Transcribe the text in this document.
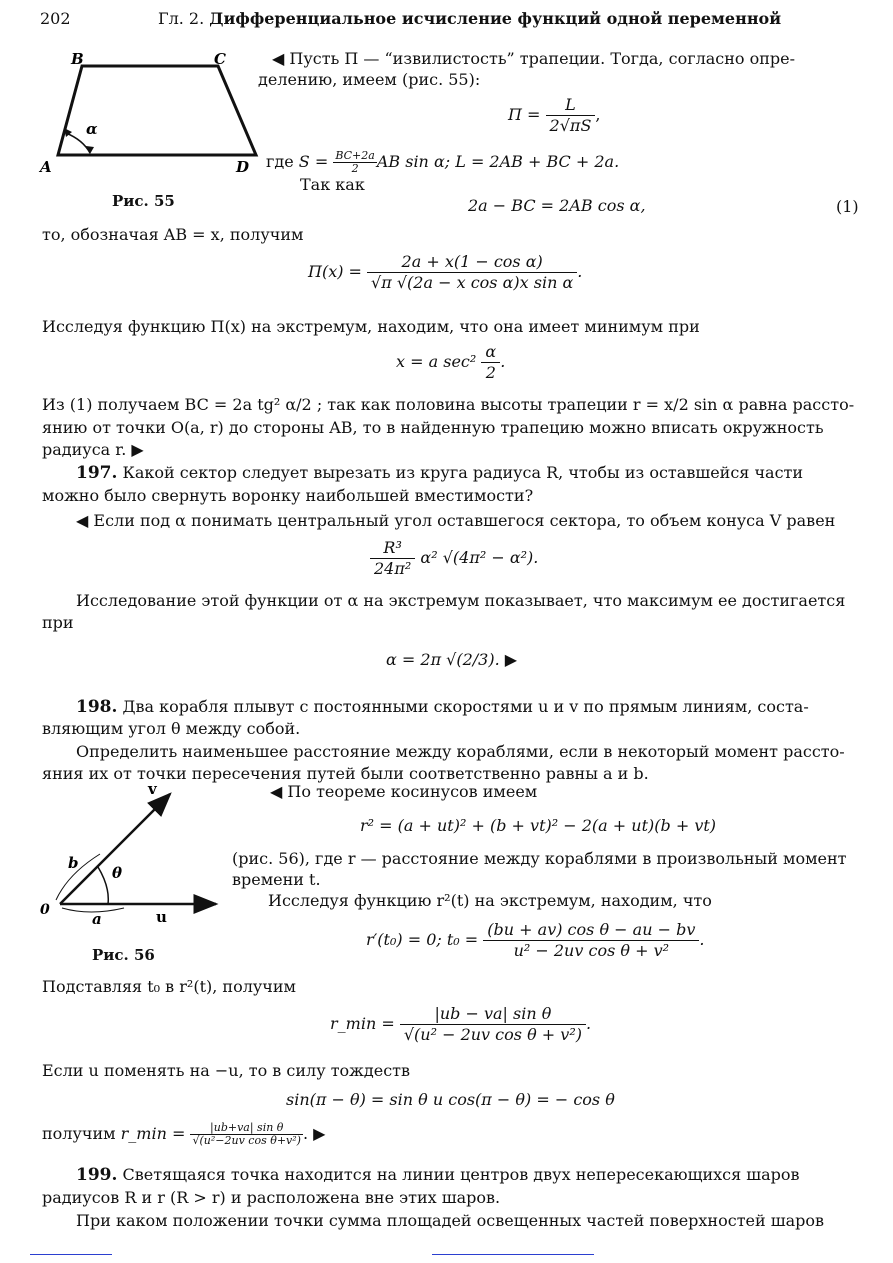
202	Гл. 2. Дифференциальное исчисление функций одной переменной
B	C
A	D
α
Рис. 55
◀ Пусть П — “извилистость” трапеции. Тогда, согласно опре-
делению, имеем (рис. 55):
$П = \frac{L}{2√\pi S}$ ,
где $S = \frac{BC+2a}{2}$ AB sin α; L = 2AB + BC + 2a.
Так как
2a − BC = 2AB cos α,	(1)
то, обозначая AB = x, получим
$П(x) = \frac{\text{2a + x(1 − cos α)}}{\text{√π √(2a − x cos α)x sin α}}$ .
Исследуя функцию П(x) на экстремум, находим, что она имеет минимум при
x = a $\sec^2 \frac{\alpha}{2}$ .
Из (1) получаем BC = 2a tg² α/2 ; так как половина высоты трапеции r = x/2 sin α равна рассто-
янию от точки O(a, r) до стороны AB, то в найденную трапецию можно вписать окружность
радиуса r. ▶
197. Какой сектор следует вырезать из круга радиуса R, чтобы из оставшейся части
можно было свернуть воронку наибольшей вместимости?
◀ Если под α понимать центральный угол оставшегося сектора, то объем конуса V равен
$\frac{\text{R³}}{\text{24π²}} \alpha^2$ √(4π² − α²).
Исследование этой функции от α на экстремум показывает, что максимум ее достигается
при
α = 2π √(2/3). ▶
198. Два корабля плывут с постоянными скоростями u и v по прямым линиям, соста-
вляющим угол θ между собой.
Определить наименьшее расстояние между кораблями, если в некоторый момент рассто-
яния их от точки пересечения путей были соответственно равны a и b.
v
θ
b
0	a	u
Рис. 56
◀ По теореме косинусов имеем
r² = (a + ut)² + (b + vt)² − 2(a + ut)(b + vt)
(рис. 56), где r — расстояние между кораблями в произвольный момент
времени t.
Исследуя функцию r²(t) на экстремум, находим, что
r′(t₀) = 0; $t_0 = \frac{\text{(bu + av) cos θ − au − bv}}{\text{u² − 2uv cos θ + v²}}$ .
Подставляя t₀ в r²(t), получим
r_min = $\frac{\text{|ub − va| sin θ}}{\text{√(u² − 2uv cos θ + v²)}}$ .
Если u поменять на −u, то в силу тождеств
sin(π − θ) = sin θ и cos(π − θ) = − cos θ
получим r_min = $\frac{\text{|ub+va| sin θ}}{\text{√(u²−2uv cos θ+v²)}}$ . ▶
199. Светящаяся точка находится на линии центров двух непересекающихся шаров
радиусов R и r (R > r) и расположена вне этих шаров.
При каком положении точки сумма площадей освещенных частей поверхностей шаров
